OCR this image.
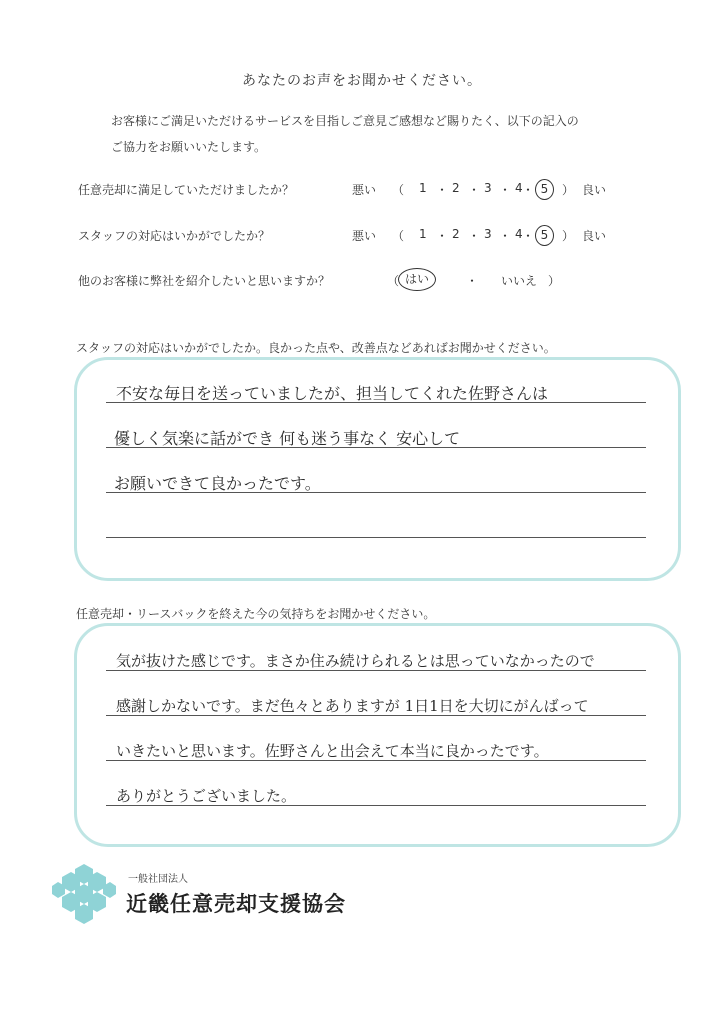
あなたのお声をお聞かせください。
お客様にご満足いただけるサービスを目指しご意見ご感想など賜りたく、以下の記入の
ご協力をお願いいたします。
任意売却に満足していただけましたか？	悪い （ 1 ・ 2 ・ 3 ・ 4 ・ 5	） 良い
スタッフの対応はいかがでしたか？	悪い （ 1 ・ 2 ・ 3 ・ 4 ・ 5	） 良い
他のお客様に弊社を紹介したいと思いますか？	（ はい	・ いいえ ）
スタッフの対応はいかがでしたか。良かった点や、改善点などあればお聞かせください。
不安な毎日を送っていましたが、担当してくれた佐野さんは
優しく気楽に話ができ 何も迷う事なく 安心して
お願いできて良かったです。
任意売却・リースバックを終えた今の気持ちをお聞かせください。
気が抜けた感じです。まさか住み続けられるとは思っていなかったので
感謝しかないです。まだ色々とありますが 1日1日を大切にがんばって
いきたいと思います。佐野さんと出会えて本当に良かったです。
ありがとうございました。
一般社団法人
近畿任意売却支援協会
